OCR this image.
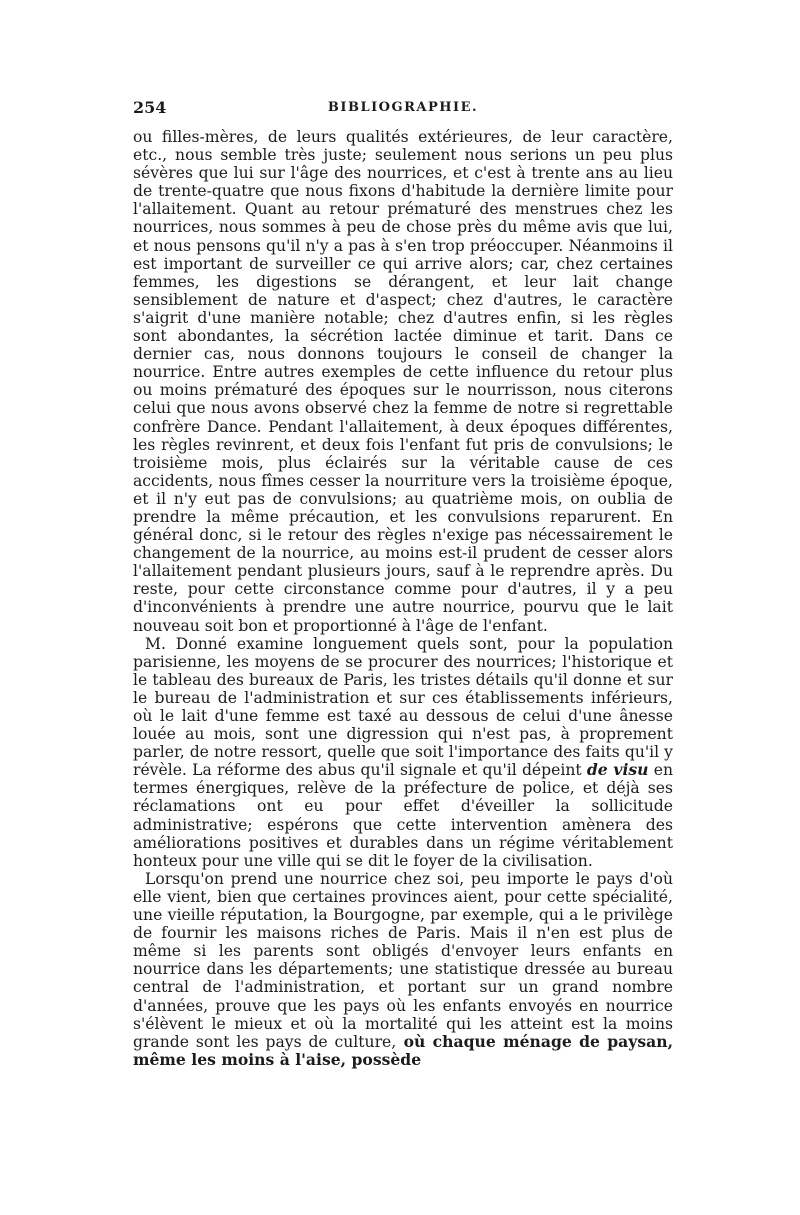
254	BIBLIOGRAPHIE.

ou filles-mères, de leurs qualités extérieures, de leur caractère, etc., nous semble très juste; seulement nous serions un peu plus sévères que lui sur l'âge des nourrices, et c'est à trente ans au lieu de trente-quatre que nous fixons d'habitude la dernière limite pour l'allaitement. Quant au retour prématuré des menstrues chez les nourrices, nous sommes à peu de chose près du même avis que lui, et nous pensons qu'il n'y a pas à s'en trop préoccuper. Néanmoins il est important de surveiller ce qui arrive alors; car, chez certaines femmes, les digestions se dérangent, et leur lait change sensiblement de nature et d'aspect; chez d'autres, le caractère s'aigrit d'une manière notable; chez d'autres enfin, si les règles sont abondantes, la sécrétion lactée diminue et tarit. Dans ce dernier cas, nous donnons toujours le conseil de changer la nourrice. Entre autres exemples de cette influence du retour plus ou moins prématuré des époques sur le nourrisson, nous citerons celui que nous avons observé chez la femme de notre si regrettable confrère Dance. Pendant l'allaitement, à deux époques différentes, les règles revinrent, et deux fois l'enfant fut pris de convulsions; le troisième mois, plus éclairés sur la véritable cause de ces accidents, nous fîmes cesser la nourriture vers la troisième époque, et il n'y eut pas de convulsions; au quatrième mois, on oublia de prendre la même précaution, et les convulsions reparurent. En général donc, si le retour des règles n'exige pas nécessairement le changement de la nourrice, au moins est-il prudent de cesser alors l'allaitement pendant plusieurs jours, sauf à le reprendre après. Du reste, pour cette circonstance comme pour d'autres, il y a peu d'inconvénients à prendre une autre nourrice, pourvu que le lait nouveau soit bon et proportionné à l'âge de l'enfant.

M. Donné examine longuement quels sont, pour la population parisienne, les moyens de se procurer des nourrices; l'historique et le tableau des bureaux de Paris, les tristes détails qu'il donne et sur le bureau de l'administration et sur ces établissements inférieurs, où le lait d'une femme est taxé au dessous de celui d'une ânesse louée au mois, sont une digression qui n'est pas, à proprement parler, de notre ressort, quelle que soit l'importance des faits qu'il y révèle. La réforme des abus qu'il signale et qu'il dépeint de visu en termes énergiques, relève de la préfecture de police, et déjà ses réclamations ont eu pour effet d'éveiller la sollicitude administrative; espérons que cette intervention amènera des améliorations positives et durables dans un régime véritablement honteux pour une ville qui se dit le foyer de la civilisation.

Lorsqu'on prend une nourrice chez soi, peu importe le pays d'où elle vient, bien que certaines provinces aient, pour cette spécialité, une vieille réputation, la Bourgogne, par exemple, qui a le privilège de fournir les maisons riches de Paris. Mais il n'en est plus de même si les parents sont obligés d'envoyer leurs enfants en nourrice dans les départements; une statistique dressée au bureau central de l'administration, et portant sur un grand nombre d'années, prouve que les pays où les enfants envoyés en nourrice s'élèvent le mieux et où la mortalité qui les atteint est la moins grande sont les pays de culture, où chaque ménage de paysan, même les moins à l'aise, possède
